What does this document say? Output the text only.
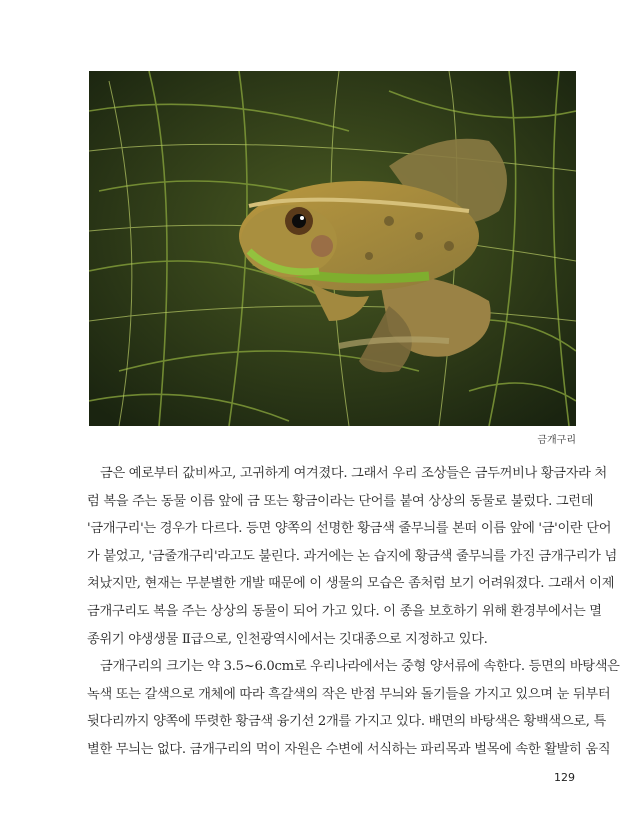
금개구리

금은 예로부터 값비싸고, 고귀하게 여겨졌다. 그래서 우리 조상들은 금두꺼비나 황금자라 처
럼 복을 주는 동물 이름 앞에 금 또는 황금이라는 단어를 붙여 상상의 동물로 불렀다. 그런데
'금개구리'는 경우가 다르다. 등면 양쪽의 선명한 황금색 줄무늬를 본떠 이름 앞에 '금'이란 단어
가 붙었고, '금줄개구리'라고도 불린다. 과거에는 논 습지에 황금색 줄무늬를 가진 금개구리가 넘
쳐났지만, 현재는 무분별한 개발 때문에 이 생물의 모습은 좀처럼 보기 어려워졌다. 그래서 이제
금개구리도 복을 주는 상상의 동물이 되어 가고 있다. 이 종을 보호하기 위해 환경부에서는 멸
종위기 야생생물 Ⅱ급으로, 인천광역시에서는 깃대종으로 지정하고 있다.

금개구리의 크기는 약 3.5~6.0cm로 우리나라에서는 중형 양서류에 속한다. 등면의 바탕색은
녹색 또는 갈색으로 개체에 따라 흑갈색의 작은 반점 무늬와 돌기들을 가지고 있으며 눈 뒤부터
뒷다리까지 양쪽에 뚜렷한 황금색 융기선 2개를 가지고 있다. 배면의 바탕색은 황백색으로, 특
별한 무늬는 없다. 금개구리의 먹이 자원은 수변에 서식하는 파리목과 벌목에 속한 활발히 움직

129
